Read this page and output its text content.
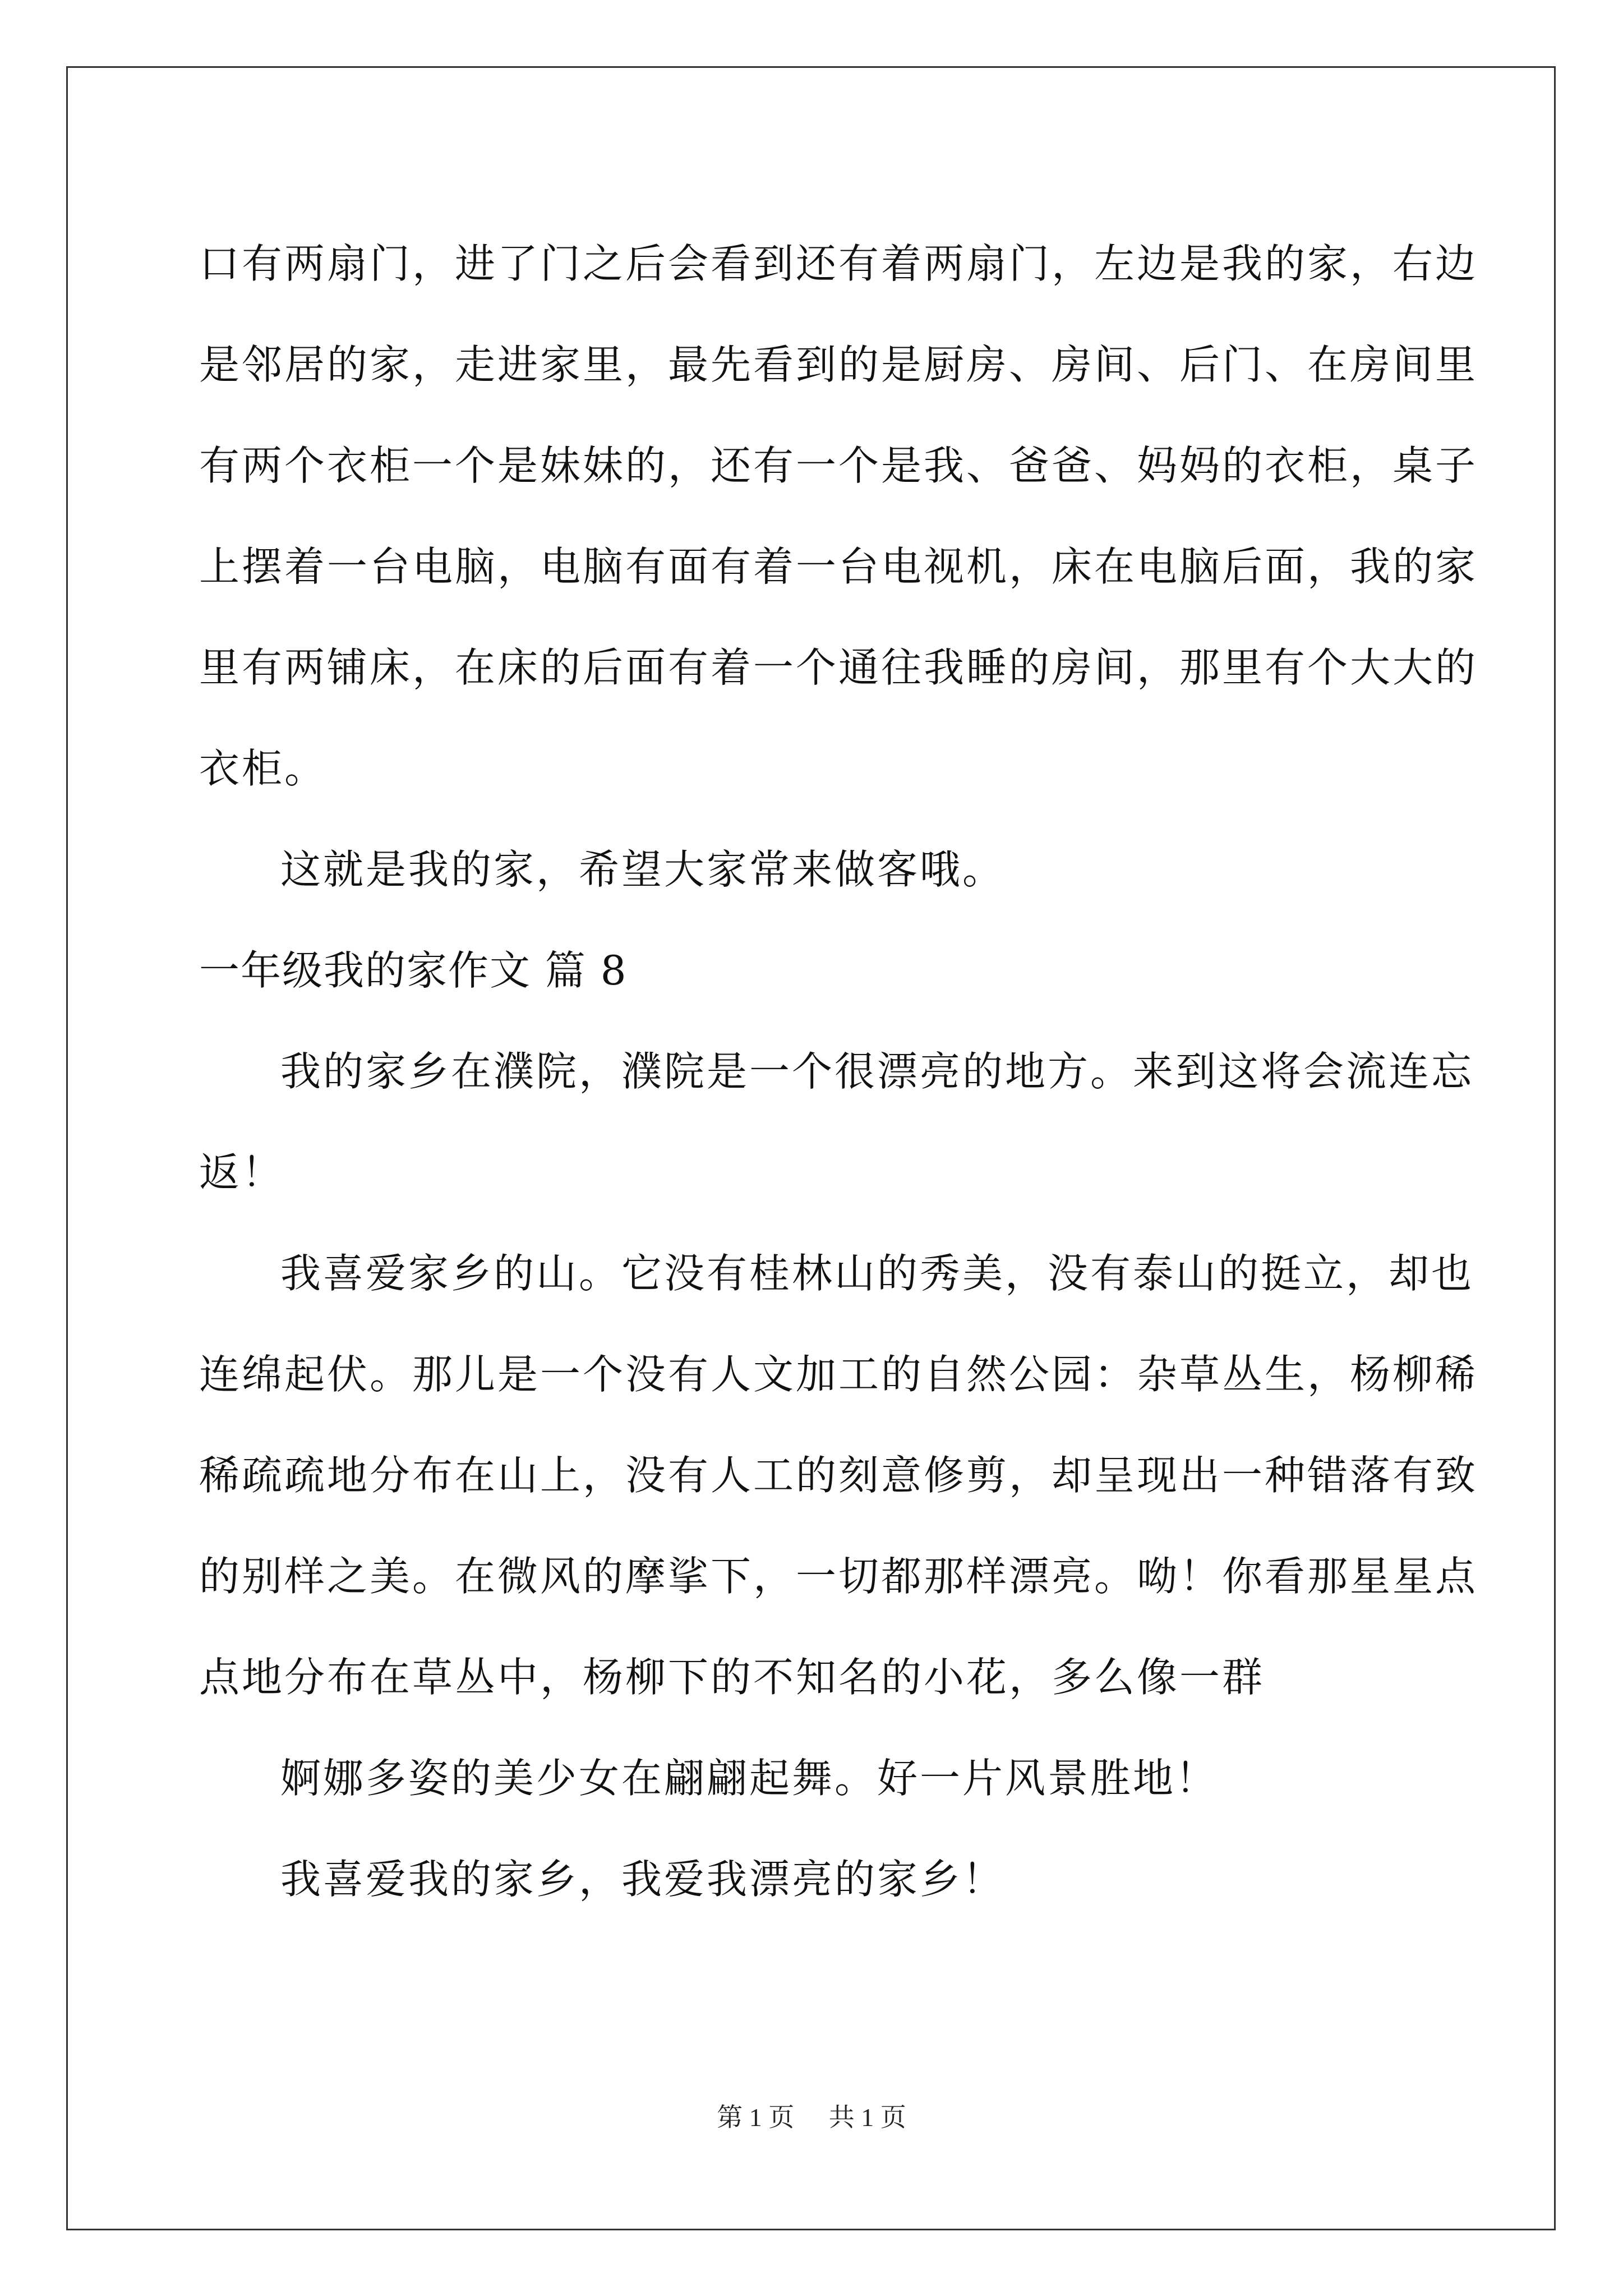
口有两扇门，进了门之后会看到还有着两扇门，左边是我的家，右边
是邻居的家，走进家里，最先看到的是厨房、房间、后门、在房间里
有两个衣柜一个是妹妹的，还有一个是我、爸爸、妈妈的衣柜，桌子
上摆着一台电脑，电脑有面有着一台电视机，床在电脑后面，我的家
里有两铺床，在床的后面有着一个通往我睡的房间，那里有个大大的
衣柜。
这就是我的家，希望大家常来做客哦。
一年级我的家作文 篇 8
我的家乡在濮院，濮院是一个很漂亮的地方。来到这将会流连忘
返！
我喜爱家乡的山。它没有桂林山的秀美，没有泰山的挺立，却也
连绵起伏。那儿是一个没有人文加工的自然公园：杂草丛生，杨柳稀
稀疏疏地分布在山上，没有人工的刻意修剪，却呈现出一种错落有致
的别样之美。在微风的摩挲下，一切都那样漂亮。呦！你看那星星点
点地分布在草丛中，杨柳下的不知名的小花，多么像一群
婀娜多姿的美少女在翩翩起舞。好一片风景胜地！
我喜爱我的家乡，我爱我漂亮的家乡！
第 1 页 共 1 页
